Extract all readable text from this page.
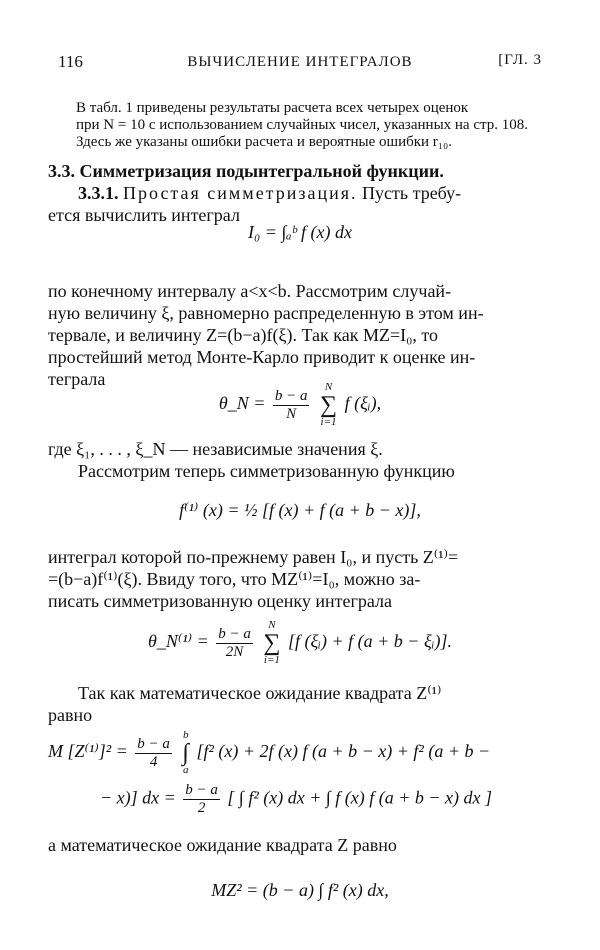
116	ВЫЧИСЛЕНИЕ ИНТЕГРАЛОВ	[ГЛ. 3

В табл. 1 приведены результаты расчета всех четырех оценок

при N = 10 с использованием случайных чисел, указанных на стр. 108.

Здесь же указаны ошибки расчета и вероятные ошибки r₁₀.

3.3. Симметризация подынтегральной функции.

3.3.1. Простая симметризация. Пусть требу-

ется вычислить интеграл

I₀ = ∫ₐᵇ f (x) dx

по конечному интервалу a<x<b. Рассмотрим случай-

ную величину ξ, равномерно распределенную в этом ин-

тервале, и величину Z=(b−a)f(ξ). Так как MZ=I₀, то

простейший метод Монте-Карло приводит к оценке ин-

теграла

θ_N = $\frac{b - a}{N}$

N
∑
i=1
f (ξᵢ),

где ξ₁, . . . , ξ_N — независимые значения ξ.

Рассмотрим теперь симметризованную функцию

f⁽¹⁾ (x) = ½ [f (x) + f (a + b − x)],

интеграл которой по-прежнему равен I₀, и пусть Z⁽¹⁾=

=(b−a)f⁽¹⁾(ξ). Ввиду того, что MZ⁽¹⁾=I₀, можно за-

писать симметризованную оценку интеграла

θ_N⁽¹⁾ = $\frac{b - a}{2N}$

N
∑
i=1
[f (ξᵢ) + f (a + b − ξᵢ)].

Так как математическое ожидание квадрата Z⁽¹⁾

равно

M $[Z^{(1)}]^2 = \frac{b - a}{4}$

b
∫
a
[f² (x) + 2f (x) f (a + b − x) + f² (a + b −
− x)] dx = $\frac{b - a}{2}$ [ ∫ f² (x) dx + ∫ f (x) f (a + b − x) dx ]

а математическое ожидание квадрата Z равно

MZ² = (b − a) ∫ f² (x) dx,
